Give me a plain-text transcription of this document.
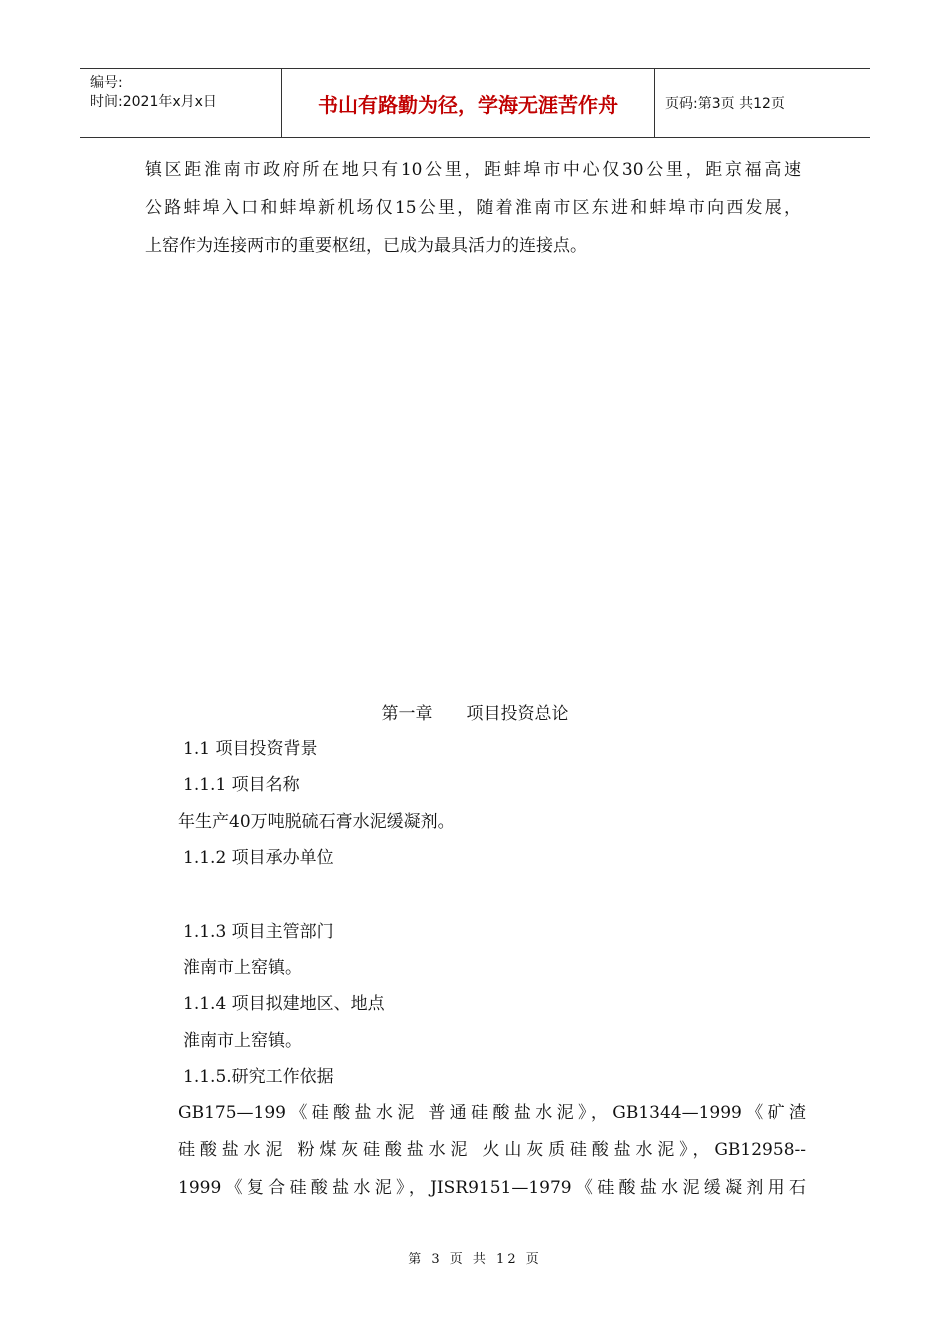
编号:
时间:2021年x月x日	书山有路勤为径，学海无涯苦作舟	页码:第3页 共12页
镇区距淮南市政府所在地只有10公里，距蚌埠市中心仅30公里，距京福高速
公路蚌埠入口和蚌埠新机场仅15公里，随着淮南市区东进和蚌埠市向西发展，
上窑作为连接两市的重要枢纽，已成为最具活力的连接点。
第一章　　项目投资总论
1.1 项目投资背景
1.1.1 项目名称
年生产40万吨脱硫石膏水泥缓凝剂。
1.1.2 项目承办单位
1.1.3 项目主管部门
淮南市上窑镇。
1.1.4 项目拟建地区、地点
淮南市上窑镇。
1.1.5.研究工作依据
GB175—199《硅酸盐水泥 普通硅酸盐水泥》，GB1344—1999《矿渣
硅酸盐水泥 粉煤灰硅酸盐水泥 火山灰质硅酸盐水泥》，GB12958--
1999《复合硅酸盐水泥》，JISR9151—1979《硅酸盐水泥缓凝剂用石
第 3 页 共 12 页
